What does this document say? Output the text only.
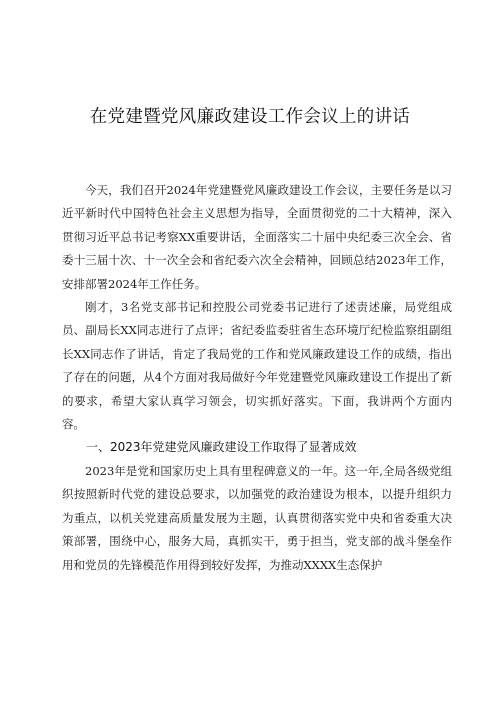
在党建暨党风廉政建设工作会议上的讲话

今天，我们召开2024年党建暨党风廉政建设工作会议，主要任务是以习近平新时代中国特色社会主义思想为指导，全面贯彻党的二十大精神，深入贯彻习近平总书记考察XX重要讲话，全面落实二十届中央纪委三次全会、省委十三届十次、十一次全会和省纪委六次全会精神，回顾总结2023年工作，安排部署2024年工作任务。

刚才，3名党支部书记和控股公司党委书记进行了述责述廉，局党组成员、副局长XX同志进行了点评；省纪委监委驻省生态环境厅纪检监察组副组长XX同志作了讲话，肯定了我局党的工作和党风廉政建设工作的成绩，指出了存在的问题，从4个方面对我局做好今年党建暨党风廉政建设工作提出了新的要求，希望大家认真学习领会，切实抓好落实。下面，我讲两个方面内容。

一、2023年党建党风廉政建设工作取得了显著成效

2023年是党和国家历史上具有里程碑意义的一年。这一年,全局各级党组织按照新时代党的建设总要求，以加强党的政治建设为根本，以提升组织力为重点，以机关党建高质量发展为主题，认真贯彻落实党中央和省委重大决策部署，围绕中心，服务大局，真抓实干，勇于担当，党支部的战斗堡垒作用和党员的先锋模范作用得到较好发挥，为推动XXXX生态保护
